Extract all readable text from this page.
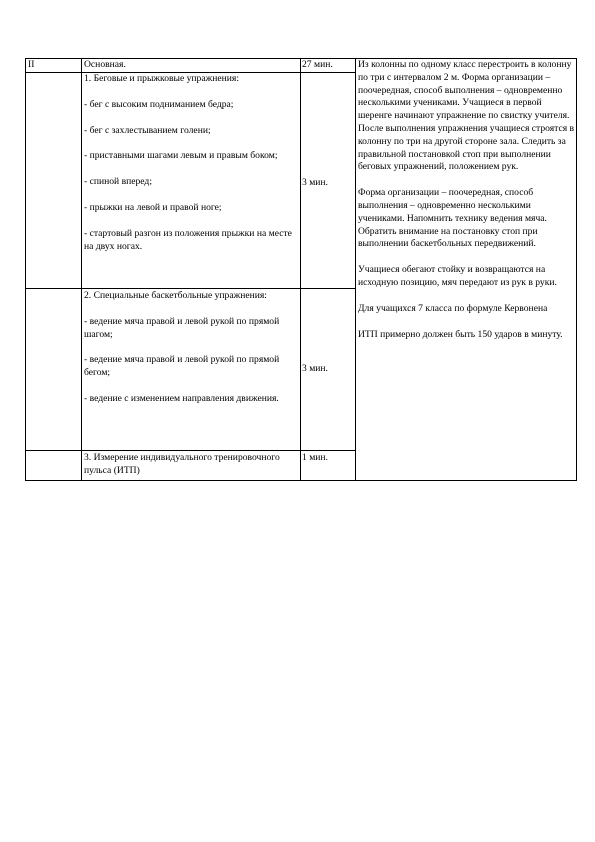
II	Основная.	27 мин.

1. Беговые и прыжковые упражнения:

- бег с высоким подниманием бедра;

- бег с захлестыванием голени;

- приставными шагами левым и правым боком;

- спиной вперед;

- прыжки на левой и правой ноге;

- стартовый разгон из положения прыжки на месте на двух ногах.

3 мин.

2. Специальные баскетбольные упражнения:

- ведение мяча правой и левой рукой по прямой шагом;

- ведение мяча правой и левой рукой по прямой бегом;

- ведение с изменением направления движения.

3 мин.
3. Измерение индивидуального тренировочного пульса (ИТП)
1 мин.

Из колонны по одному класс перестроить в колонну по три с интервалом 2 м. Форма организации – поочередная, способ выполнения – одновременно несколькими учениками. Учащиеся в первой шеренге начинают упражнение по свистку учителя. После выполнения упражнения учащиеся строятся в колонну по три на другой стороне зала. Следить за правильной постановкой стоп при выполнении беговых упражнений, положением рук.

Форма организации – поочередная, способ выполнения – одновременно несколькими учениками. Напомнить технику ведения мяча. Обратить внимание на постановку стоп при выполнении баскетбольных передвижений.

Учащиеся обегают стойку и возвращаются на исходную позицию, мяч передают из рук в руки.

Для учащихся 7 класса по формуле Кервонена

ИТП примерно должен быть 150 ударов в минуту.
